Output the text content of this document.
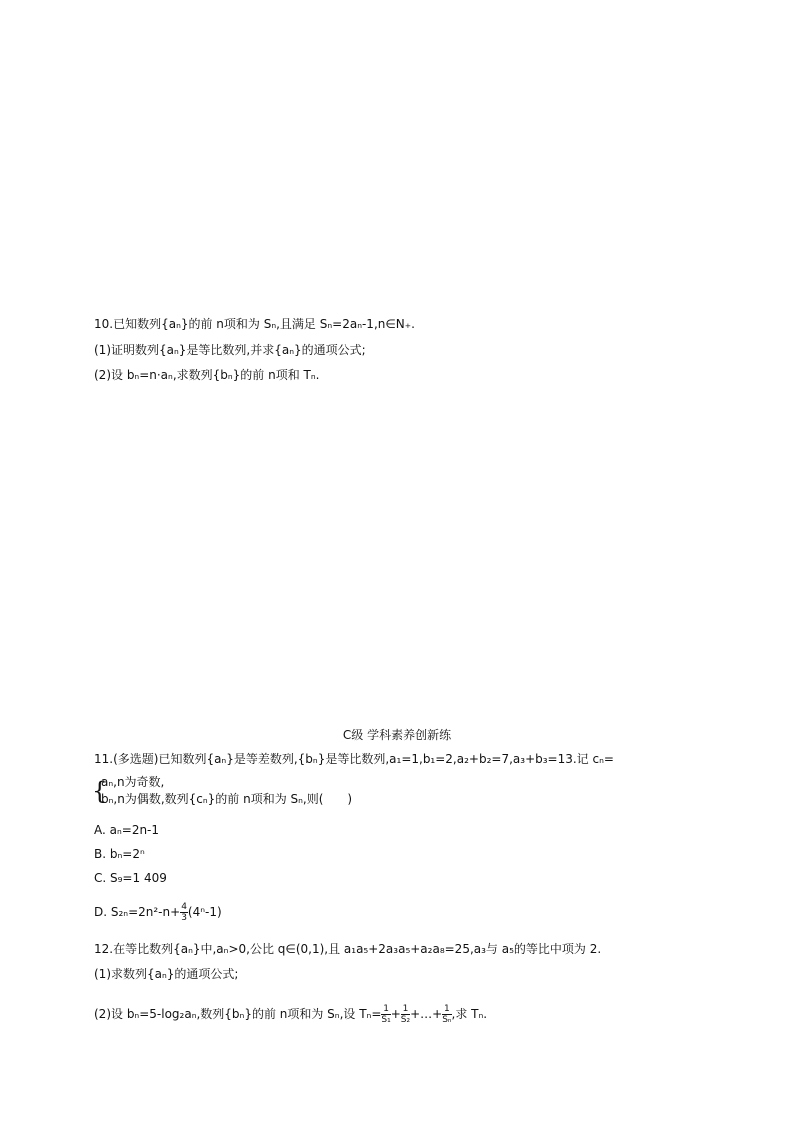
10.已知数列{aₙ}的前 n项和为 Sₙ,且满足 Sₙ=2aₙ-1,n∈N₊.
(1)证明数列{aₙ}是等比数列,并求{aₙ}的通项公式;
(2)设 bₙ=n·aₙ,求数列{bₙ}的前 n项和 Tₙ.
C级 学科素养创新练
11.(多选题)已知数列{aₙ}是等差数列,{bₙ}是等比数列,a₁=1,b₁=2,a₂+b₂=7,a₃+b₃=13.记 cₙ=
{
aₙ,n为奇数,
bₙ,n为偶数,数列{cₙ}的前 n项和为 Sₙ,则(　　)
A. aₙ=2n-1
B. bₙ=2ⁿ
C. S₉=1 409
D. $S_{2n}=2n^2-n+ \frac{4}{3} (4^n-1)$
12.在等比数列{aₙ}中,aₙ>0,公比 q∈(0,1),且 a₁a₅+2a₃a₅+a₂a₈=25,a₃与 a₅的等比中项为 2.
(1)求数列{aₙ}的通项公式;
(2)设 bₙ=5-log₂aₙ,数列{bₙ}的前 n项和为 Sₙ,设 $T_n= \frac{1}{\text{S₁}} + \frac{1}{\text{S₂}}$ +…+ $\frac{1}{\text{Sₙ}}$ ,求 Tₙ.
